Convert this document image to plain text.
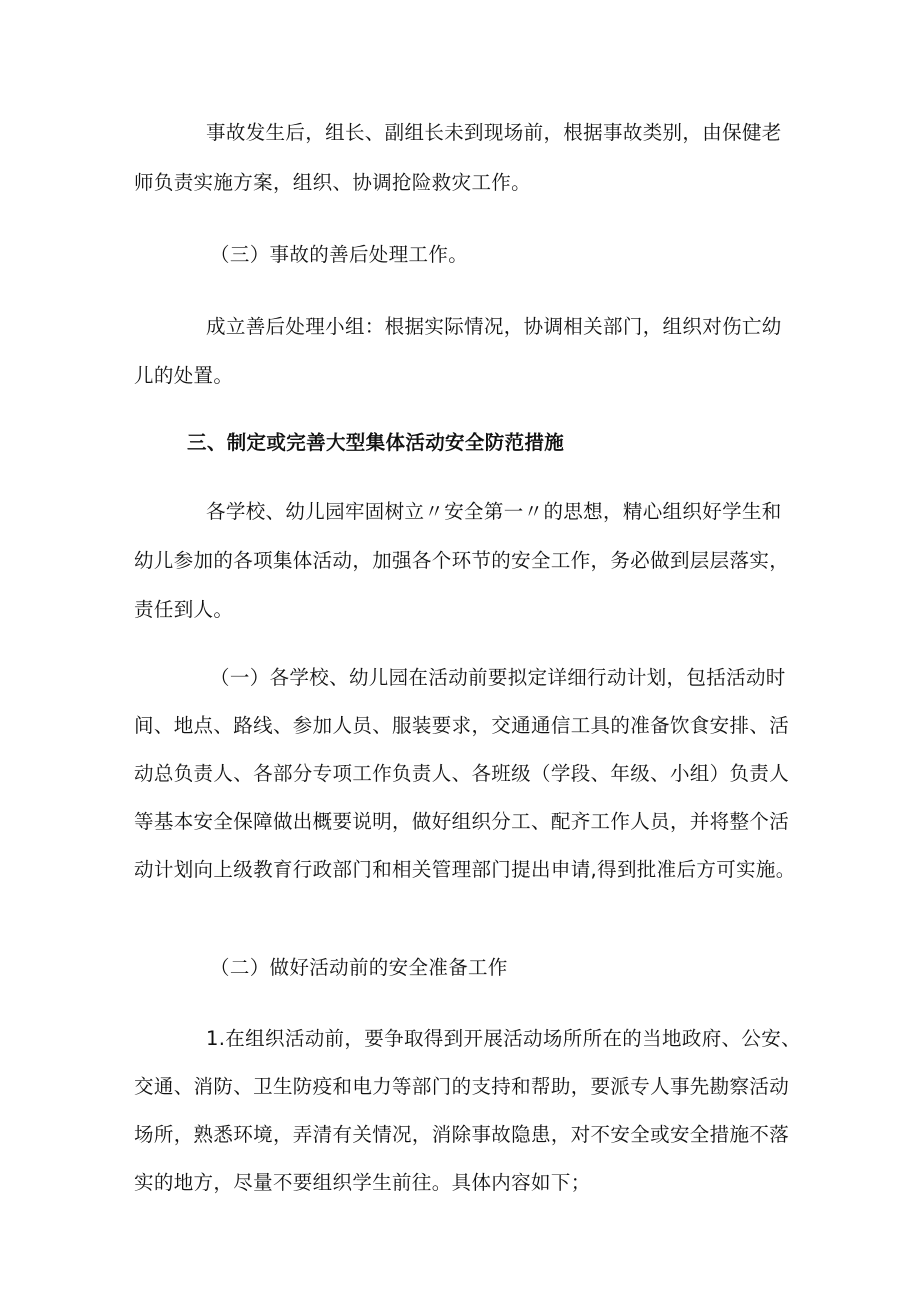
事故发生后，组长、副组长未到现场前，根据事故类别，由保健老
师负责实施方案，组织、协调抢险救灾工作。
（三）事故的善后处理工作。
成立善后处理小组：根据实际情况，协调相关部门，组织对伤亡幼
儿的处置。
三、制定或完善大型集体活动安全防范措施
各学校、幼儿园牢固树立〃安全第一〃的思想，精心组织好学生和
幼儿参加的各项集体活动，加强各个环节的安全工作，务必做到层层落实，
责任到人。
（一）各学校、幼儿园在活动前要拟定详细行动计划，包括活动时
间、地点、路线、参加人员、服装要求，交通通信工具的准备饮食安排、活
动总负责人、各部分专项工作负责人、各班级（学段、年级、小组）负责人
等基本安全保障做出概要说明，做好组织分工、配齐工作人员，并将整个活
动计划向上级教育行政部门和相关管理部门提出申请,得到批准后方可实施。
（二）做好活动前的安全准备工作
1.在组织活动前，要争取得到开展活动场所所在的当地政府、公安、
交通、消防、卫生防疫和电力等部门的支持和帮助，要派专人事先勘察活动
场所，熟悉环境，弄清有关情况，消除事故隐患，对不安全或安全措施不落
实的地方，尽量不要组织学生前往。具体内容如下；
